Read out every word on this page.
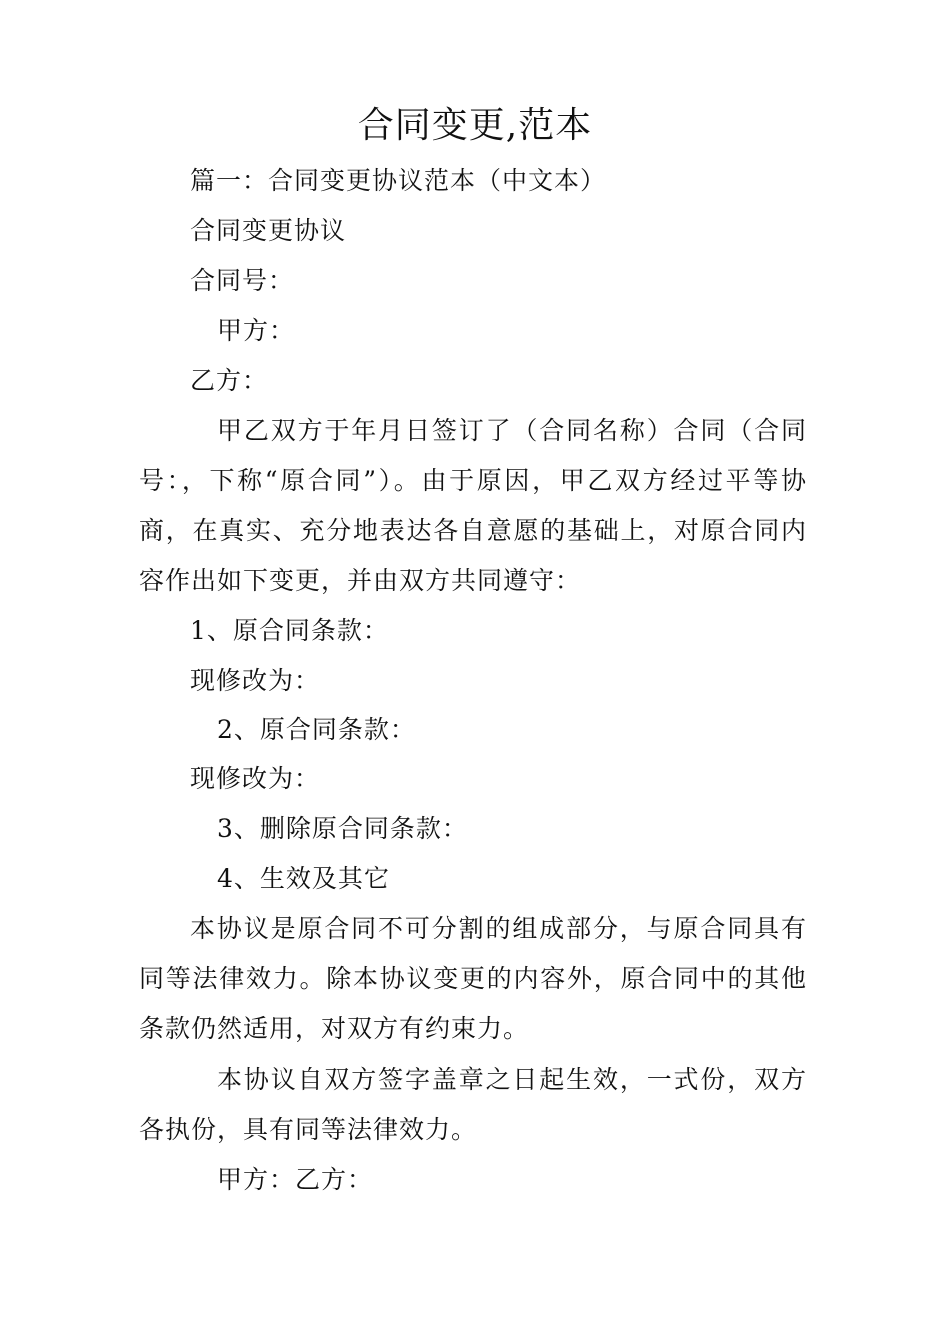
合同变更,范本
篇一：合同变更协议范本（中文本）
合同变更协议
合同号：
甲方：
乙方：
甲乙双方于年月日签订了（合同名称）合同（合同号：，下称“原合同”）。由于原因，甲乙双方经过平等协商，在真实、充分地表达各自意愿的基础上，对原合同内容作出如下变更，并由双方共同遵守：
1、原合同条款：
现修改为：
2、原合同条款：
现修改为：
3、删除原合同条款：
4、生效及其它
本协议是原合同不可分割的组成部分，与原合同具有同等法律效力。除本协议变更的内容外，原合同中的其他条款仍然适用，对双方有约束力。
本协议自双方签字盖章之日起生效，一式份，双方各执份，具有同等法律效力。
甲方：乙方：
